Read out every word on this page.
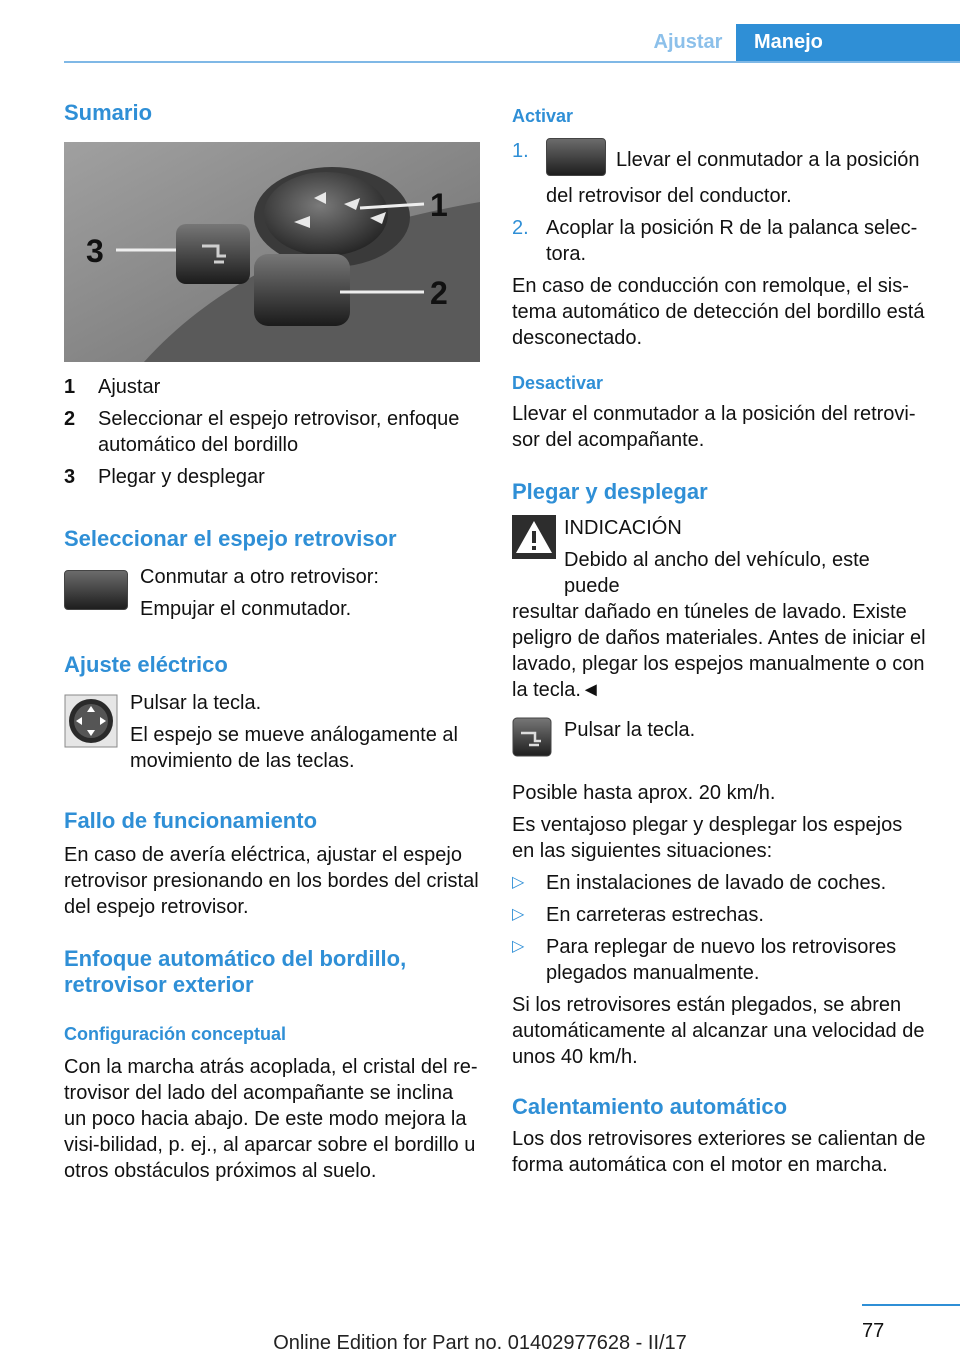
Ajustar	Manejo
Sumario
3
1
2
1	Ajustar
2	Seleccionar el espejo retrovisor, enfoque automático del bordillo
3	Plegar y desplegar
Seleccionar el espejo retrovisor

Conmutar a otro retrovisor:

Empujar el conmutador.

Ajuste eléctrico

Pulsar la tecla.

El espejo se mueve análogamente al movimiento de las teclas.

Fallo de funcionamiento

En caso de avería eléctrica, ajustar el espejo retrovisor presionando en los bordes del cristal del espejo retrovisor.

Enfoque automático del bordillo, retrovisor exterior
Configuración conceptual

Con la marcha atrás acoplada, el cristal del re-trovisor del lado del acompañante se inclina un poco hacia abajo. De este modo mejora la visi-bilidad, p. ej., al aparcar sobre el bordillo u otros obstáculos próximos al suelo.

Activar
1.	Llevar el conmutador a la posición del retrovisor del conductor.
2. Acoplar la posición R de la palanca selec-tora.

En caso de conducción con remolque, el sis-tema automático de detección del bordillo está desconectado.

Desactivar

Llevar el conmutador a la posición del retrovi-sor del acompañante.

Plegar y desplegar

INDICACIÓN

Debido al ancho del vehículo, este puede

resultar dañado en túneles de lavado. Existe peligro de daños materiales. Antes de iniciar el lavado, plegar los espejos manualmente o con la tecla.◄

Pulsar la tecla.

Posible hasta aprox. 20 km/h.

Es ventajoso plegar y desplegar los espejos en las siguientes situaciones:

▷	En instalaciones de lavado de coches.
▷	En carreteras estrechas.
▷	Para replegar de nuevo los retrovisores plegados manualmente.

Si los retrovisores están plegados, se abren automáticamente al alcanzar una velocidad de unos 40 km/h.

Calentamiento automático

Los dos retrovisores exteriores se calientan de forma automática con el motor en marcha.

77
Online Edition for Part no. 01402977628 - II/17
